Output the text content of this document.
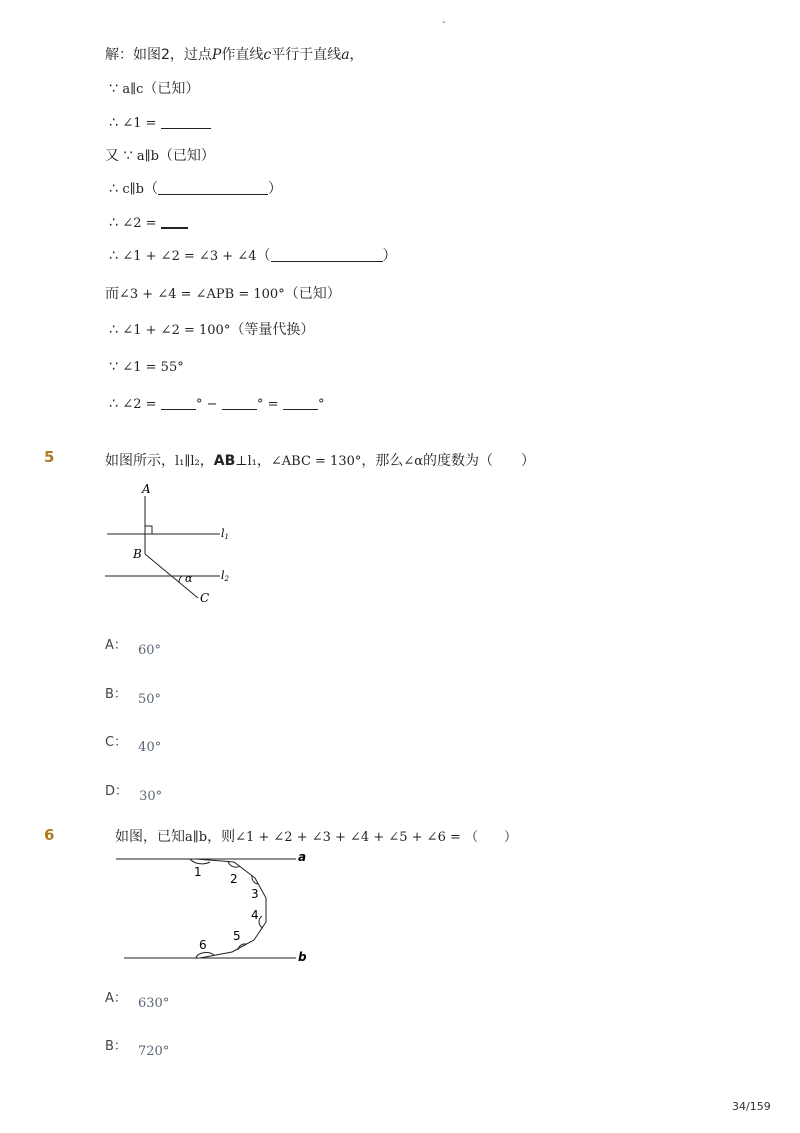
-
解：如图2，过点P作直线c平行于直线a，
∵ a∥c（已知）
∴ ∠1 =
又 ∵ a∥b（已知）
∴ c∥b（	）
∴ ∠2 =
∴ ∠1 + ∠2 = ∠3 + ∠4（	）
而∠3 + ∠4 = ∠APB = 100°（已知）
∴ ∠1 + ∠2 = 100°（等量代换）
∵ ∠1 = 55°
∴ ∠2 =	° −	° =	°
5	如图所示，l₁∥l₂，AB⊥l₁，∠ABC = 130°，那么∠α的度数为（　　）
A
B
C
l1
l2
α
A： $_{60^\circ}$
B： $_{50^\circ}$
C： $_{40^\circ}$
D： $_{30^\circ}$
6	如图，已知a∥b，则∠1 + ∠2 + ∠3 + ∠4 + ∠5 + ∠6 = （　　）
a
b
1 2
3
4
5
6
A： $_{630^\circ}$
B： $_{720^\circ}$
34/159
